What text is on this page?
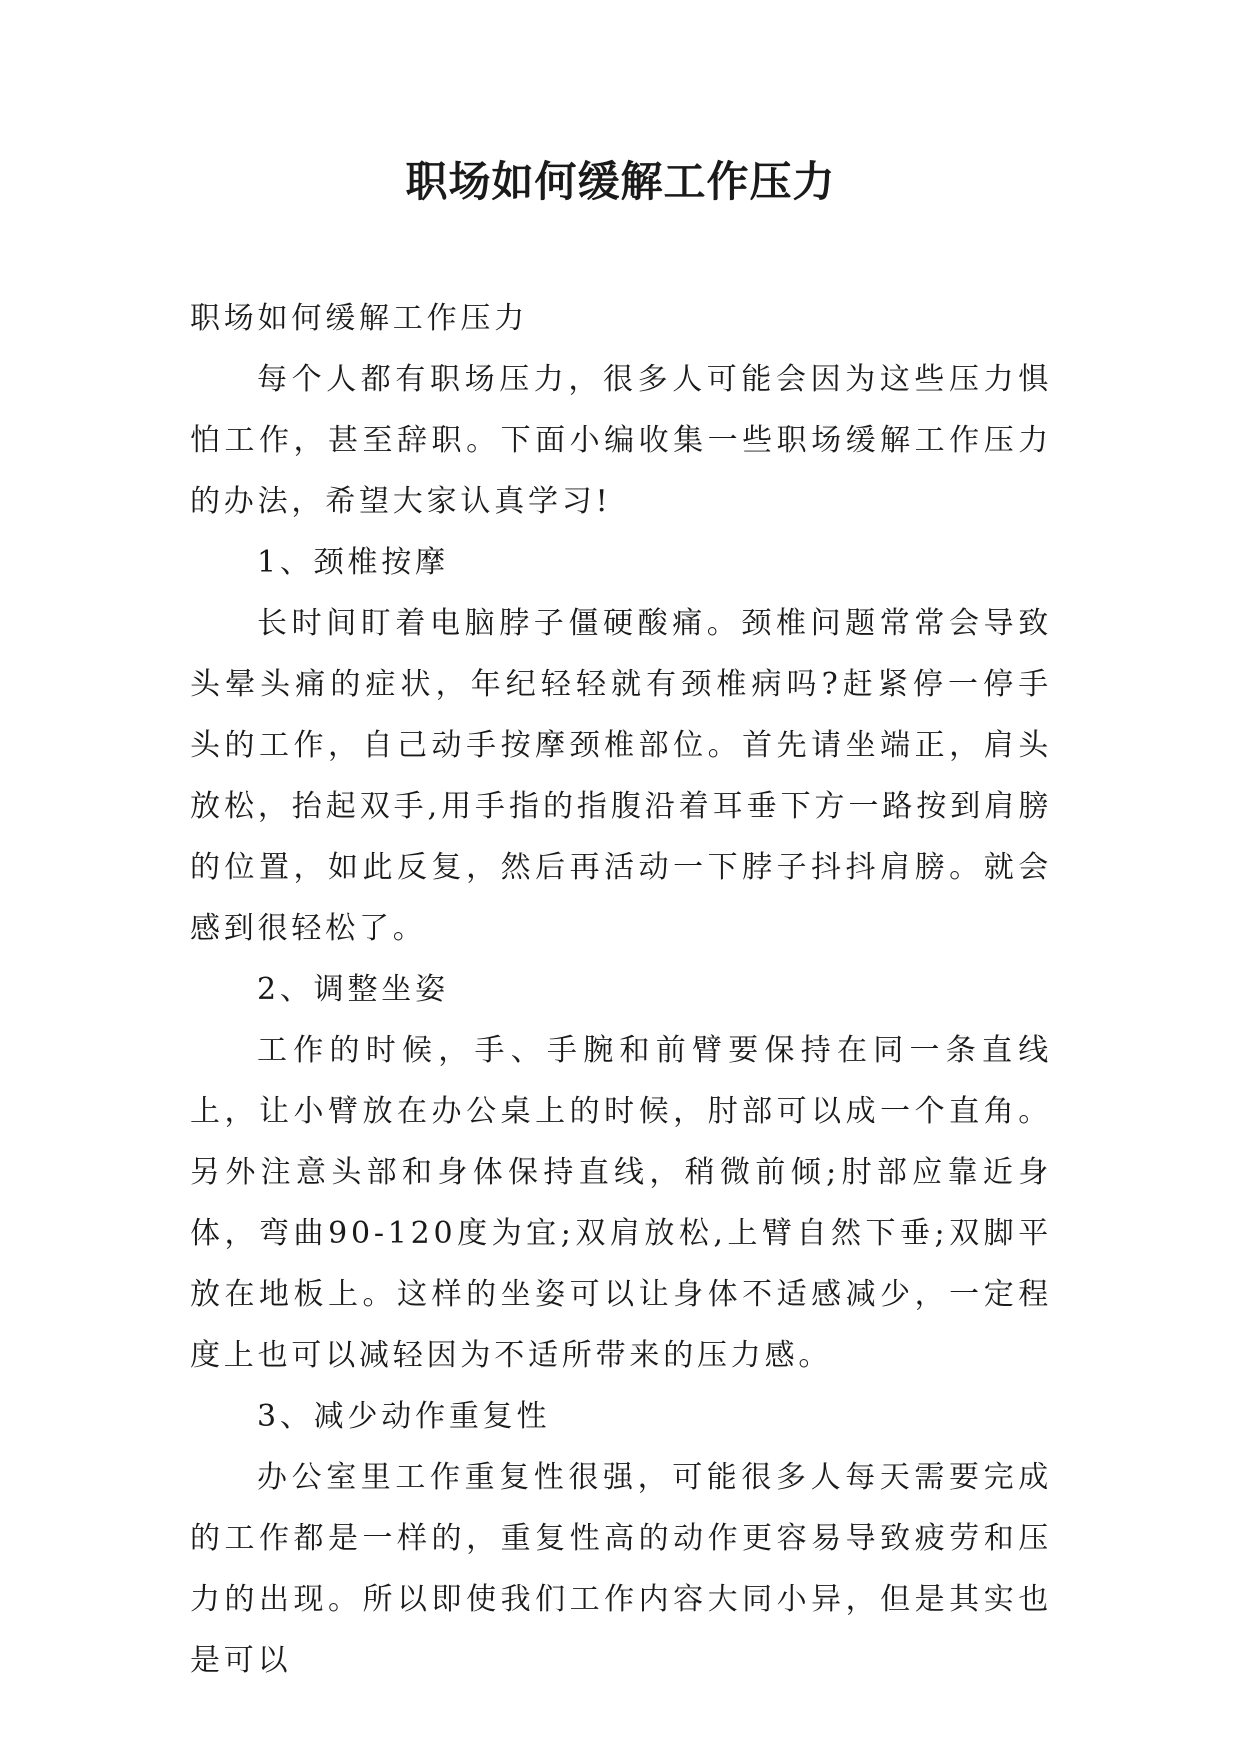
职场如何缓解工作压力

职场如何缓解工作压力

每个人都有职场压力，很多人可能会因为这些压力惧怕工作，甚至辞职。下面小编收集一些职场缓解工作压力的办法，希望大家认真学习!

1、颈椎按摩

长时间盯着电脑脖子僵硬酸痛。颈椎问题常常会导致头晕头痛的症状，年纪轻轻就有颈椎病吗?赶紧停一停手头的工作，自己动手按摩颈椎部位。首先请坐端正，肩头放松，抬起双手,用手指的指腹沿着耳垂下方一路按到肩膀的位置，如此反复，然后再活动一下脖子抖抖肩膀。就会感到很轻松了。

2、调整坐姿

工作的时候，手、手腕和前臂要保持在同一条直线上，让小臂放在办公桌上的时候，肘部可以成一个直角。另外注意头部和身体保持直线，稍微前倾;肘部应靠近身体，弯曲90-120度为宜;双肩放松,上臂自然下垂;双脚平放在地板上。这样的坐姿可以让身体不适感减少，一定程度上也可以减轻因为不适所带来的压力感。

3、减少动作重复性

办公室里工作重复性很强，可能很多人每天需要完成的工作都是一样的，重复性高的动作更容易导致疲劳和压力的出现。所以即使我们工作内容大同小异，但是其实也是可以
